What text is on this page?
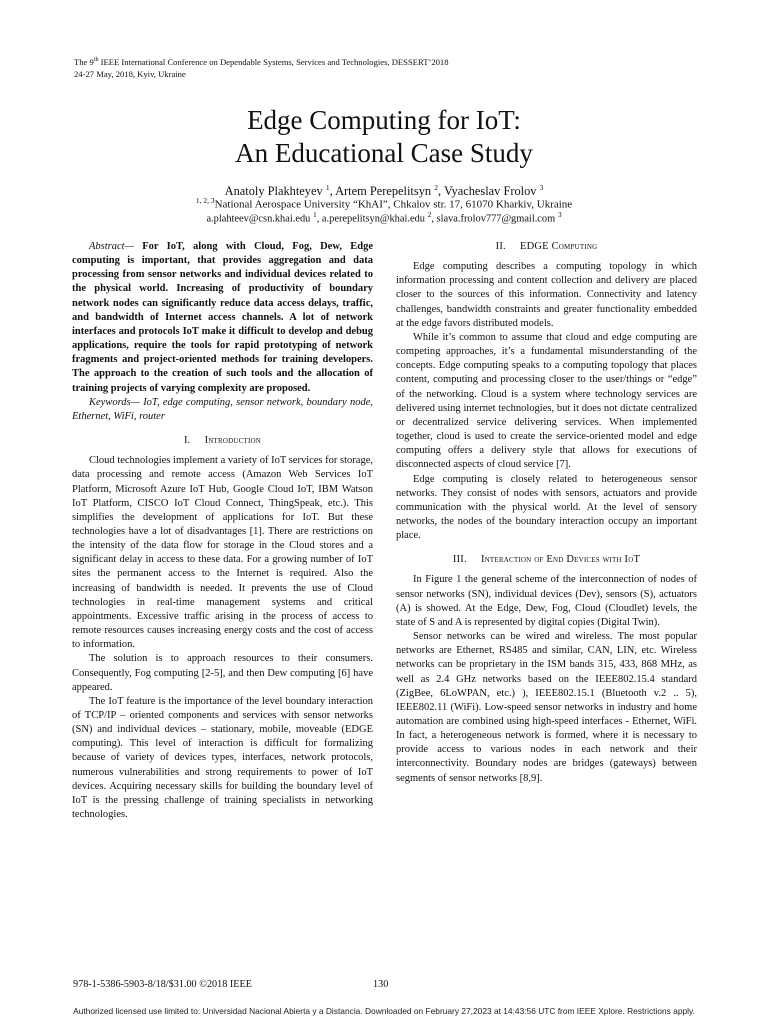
The 9th IEEE International Conference on Dependable Systems, Services and Technologies, DESSERT’2018
24-27 May, 2018, Kyiv, Ukraine
Edge Computing for IoT:
An Educational Case Study
Anatoly Plakhteyev $^1$, Artem Perepelitsyn $^2$, Vyacheslav Frolov $^3$
$^{1, 2, 3}$National Aerospace University “KhAI”, Chkalov str. 17, 61070 Kharkiv, Ukraine
a.plahteev@csn.khai.edu $^1$, a.perepelitsyn@khai.edu $^2$, slava.frolov777@gmail.com $^3$

Abstract— For IoT, along with Cloud, Fog, Dew, Edge computing is important, that provides aggregation and data processing from sensor networks and individual devices related to the physical world. Increasing of productivity of boundary network nodes can significantly reduce data access delays, traffic, and bandwidth of Internet access channels. A lot of network interfaces and protocols IoT make it difficult to develop and debug applications, require the tools for rapid prototyping of network fragments and project-oriented methods for training developers. The approach to the creation of such tools and the allocation of training projects of varying complexity are proposed.

Keywords— IoT, edge computing, sensor network, boundary node, Ethernet, WiFi, router

I. Introduction

Cloud technologies implement a variety of IoT services for storage, data processing and remote access (Amazon Web Services IoT Platform, Microsoft Azure IoT Hub, Google Cloud IoT, IBM Watson IoT Platform, CISCO IoT Cloud Connect, ThingSpeak, etc.). This simplifies the development of applications for IoT. But these technologies have a lot of disadvantages [1]. There are restrictions on the intensity of the data flow for storage in the Cloud stores and a significant delay in access to these data. For a growing number of IoT sites the permanent access to the Internet is required. Also the increasing of bandwidth is needed. It prevents the use of Cloud technologies in real-time management systems and critical appointments. Excessive traffic arising in the process of access to remote resources causes increasing energy costs and the cost of access to information.

The solution is to approach resources to their consumers. Consequently, Fog computing [2-5], and then Dew computing [6] have appeared.

The IoT feature is the importance of the level boundary interaction of TCP/IP – oriented components and services with sensor networks (SN) and individual devices – stationary, mobile, moveable (EDGE computing). This level of interaction is difficult for formalizing because of variety of devices types, interfaces, network protocols, numerous vulnerabilities and strong requirements to power of IoT devices. Acquiring necessary skills for building the boundary level of IoT is the pressing challenge of training specialists in networking technologies.

II. EDGE Computing

Edge computing describes a computing topology in which information processing and content collection and delivery are placed closer to the sources of this information. Connectivity and latency challenges, bandwidth constraints and greater functionality embedded at the edge favors distributed models.

While it’s common to assume that cloud and edge computing are competing approaches, it’s a fundamental misunderstanding of the concepts. Edge computing speaks to a computing topology that places content, computing and processing closer to the user/things or “edge” of the networking. Cloud is a system where technology services are delivered using internet technologies, but it does not dictate centralized or decentralized service delivering services. When implemented together, cloud is used to create the service-oriented model and edge computing offers a delivery style that allows for executions of disconnected aspects of cloud service [7].

Edge computing is closely related to heterogeneous sensor networks. They consist of nodes with sensors, actuators and provide communication with the physical world. At the level of sensory networks, the nodes of the boundary interaction occupy an important place.

III. Interaction of End Devices with IoT

In Figure 1 the general scheme of the interconnection of nodes of sensor networks (SN), individual devices (Dev), sensors (S), actuators (A) is showed. At the Edge, Dew, Fog, Cloud (Cloudlet) levels, the state of S and A is represented by digital copies (Digital Twin).

Sensor networks can be wired and wireless. The most popular networks are Ethernet, RS485 and similar, CAN, LIN, etc. Wireless networks can be proprietary in the ISM bands 315, 433, 868 MHz, as well as 2.4 GHz networks based on the IEEE802.15.4 standard (ZigBee, 6LoWPAN, etc.) ), IEEE802.15.1 (Bluetooth v.2 .. 5), IEEE802.11 (WiFi). Low-speed sensor networks in industry and home automation are combined using high-speed interfaces - Ethernet, WiFi. In fact, a heterogeneous network is formed, where it is necessary to provide access to various nodes in each network and their interconnectivity. Boundary nodes are bridges (gateways) between segments of sensor networks [8,9].

978-1-5386-5903-8/18/$31.00 ©2018 IEEE	130
Authorized licensed use limited to: Universidad Nacional Abierta y a Distancia. Downloaded on February 27,2023 at 14:43:56 UTC from IEEE Xplore. Restrictions apply.
